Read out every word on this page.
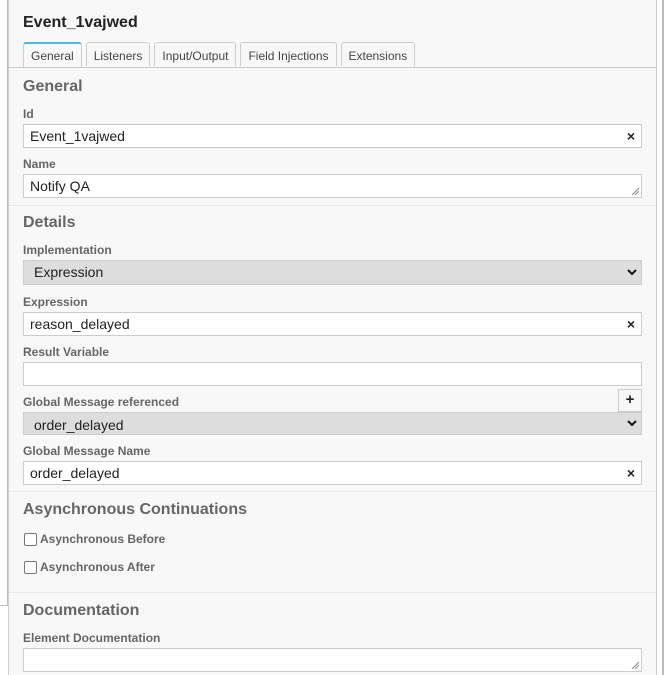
Event_1vajwed
General	Listeners	Input/Output	Field Injections	Extensions
General
Id
Event_1vajwed	×
Name
Notify QA
Details
Implementation
Expression
Expression
reason_delayed	×
Result Variable
Global Message referenced	+
order_delayed
Global Message Name
order_delayed	×
Asynchronous Continuations
Asynchronous Before
Asynchronous After
Documentation
Element Documentation
